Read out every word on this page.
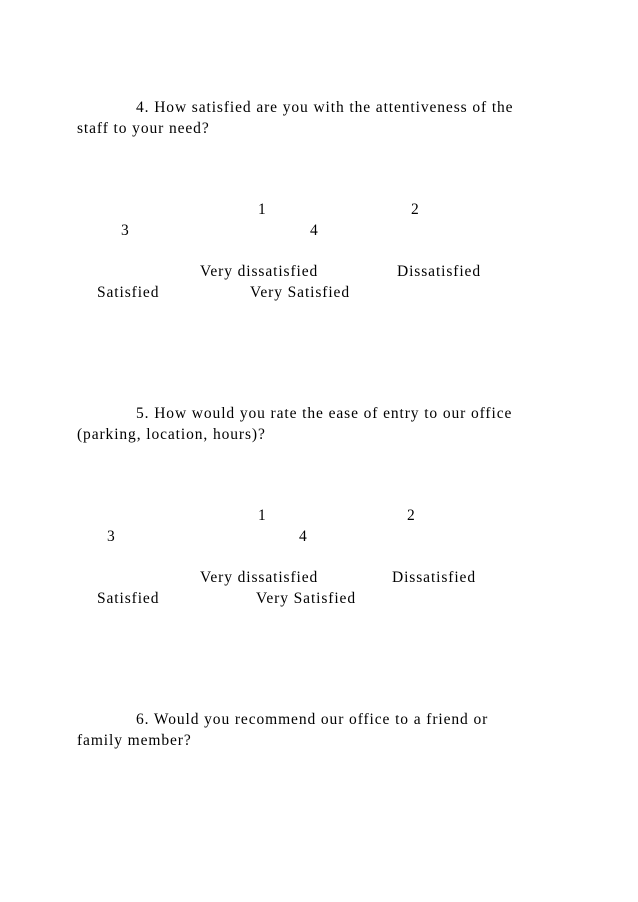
4. How satisfied are you with the attentiveness of the
staff to your need?
1	2
3	4
Very dissatisfied	Dissatisfied
Satisfied	Very Satisfied
5. How would you rate the ease of entry to our office
(parking, location, hours)?
1	2
3	4
Very dissatisfied	Dissatisfied
Satisfied	Very Satisfied
6. Would you recommend our office to a friend or
family member?
